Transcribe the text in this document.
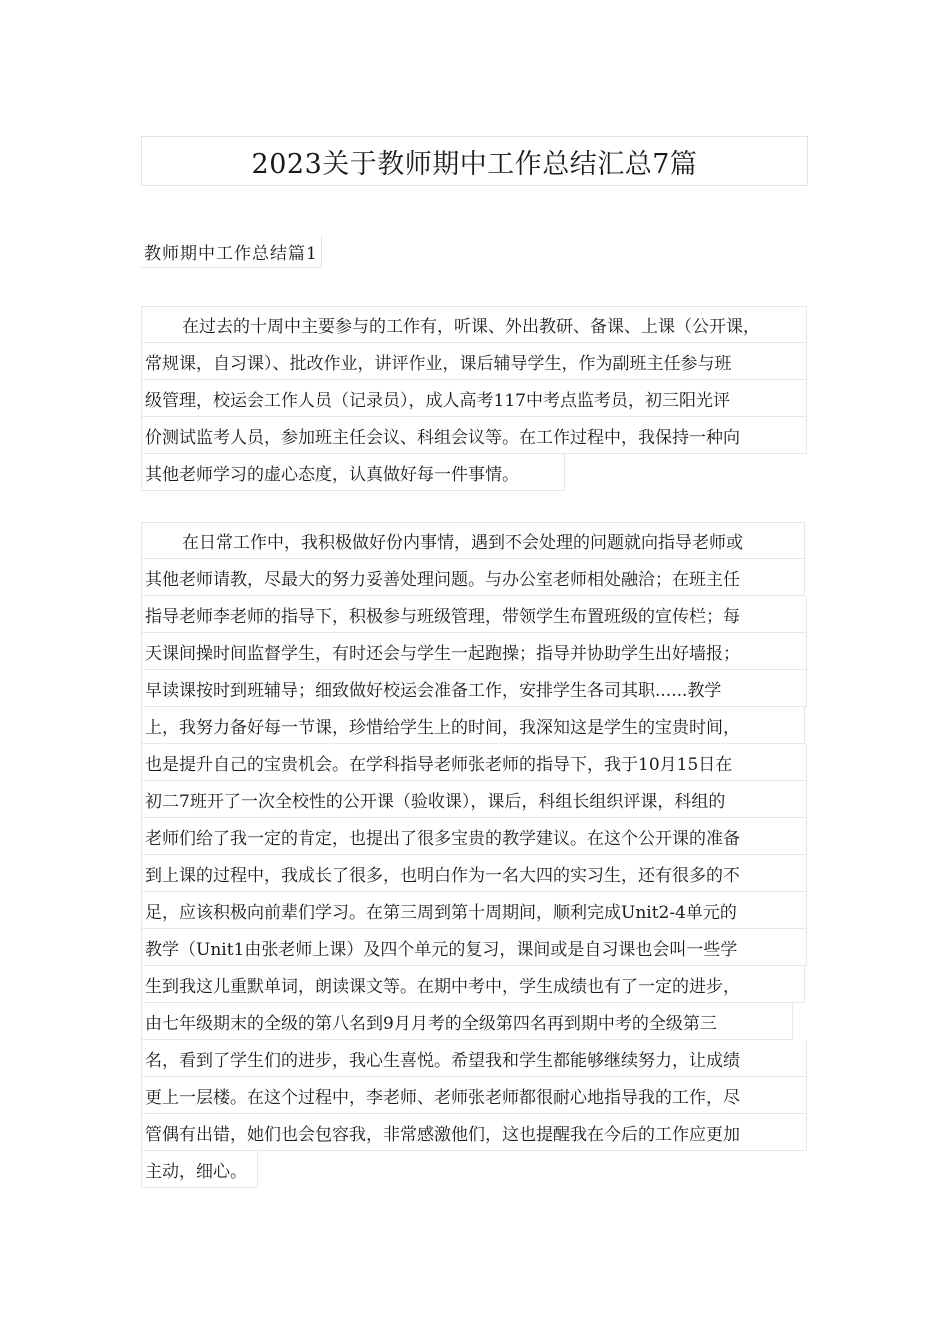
2023关于教师期中工作总结汇总7篇
教师期中工作总结篇1
在过去的十周中主要参与的工作有，听课、外出教研、备课、上课（公开课，
常规课，自习课）、批改作业，讲评作业，课后辅导学生，作为副班主任参与班
级管理，校运会工作人员（记录员），成人高考117中考点监考员，初三阳光评
价测试监考人员，参加班主任会议、科组会议等。在工作过程中，我保持一种向
其他老师学习的虚心态度，认真做好每一件事情。
在日常工作中，我积极做好份内事情，遇到不会处理的问题就向指导老师或
其他老师请教，尽最大的努力妥善处理问题。与办公室老师相处融洽；在班主任
指导老师李老师的指导下，积极参与班级管理，带领学生布置班级的宣传栏；每
天课间操时间监督学生，有时还会与学生一起跑操；指导并协助学生出好墙报；
早读课按时到班辅导；细致做好校运会准备工作，安排学生各司其职......教学
上，我努力备好每一节课，珍惜给学生上的时间，我深知这是学生的宝贵时间，
也是提升自己的宝贵机会。在学科指导老师张老师的指导下，我于10月15日在
初二7班开了一次全校性的公开课（验收课），课后，科组长组织评课，科组的
老师们给了我一定的肯定，也提出了很多宝贵的教学建议。在这个公开课的准备
到上课的过程中，我成长了很多，也明白作为一名大四的实习生，还有很多的不
足，应该积极向前辈们学习。在第三周到第十周期间，顺利完成Unit2-4单元的
教学（Unit1由张老师上课）及四个单元的复习，课间或是自习课也会叫一些学
生到我这儿重默单词，朗读课文等。在期中考中，学生成绩也有了一定的进步，
由七年级期末的全级的第八名到9月月考的全级第四名再到期中考的全级第三
名，看到了学生们的进步，我心生喜悦。希望我和学生都能够继续努力，让成绩
更上一层楼。在这个过程中，李老师、老师张老师都很耐心地指导我的工作，尽
管偶有出错，她们也会包容我，非常感激他们，这也提醒我在今后的工作应更加
主动，细心。
